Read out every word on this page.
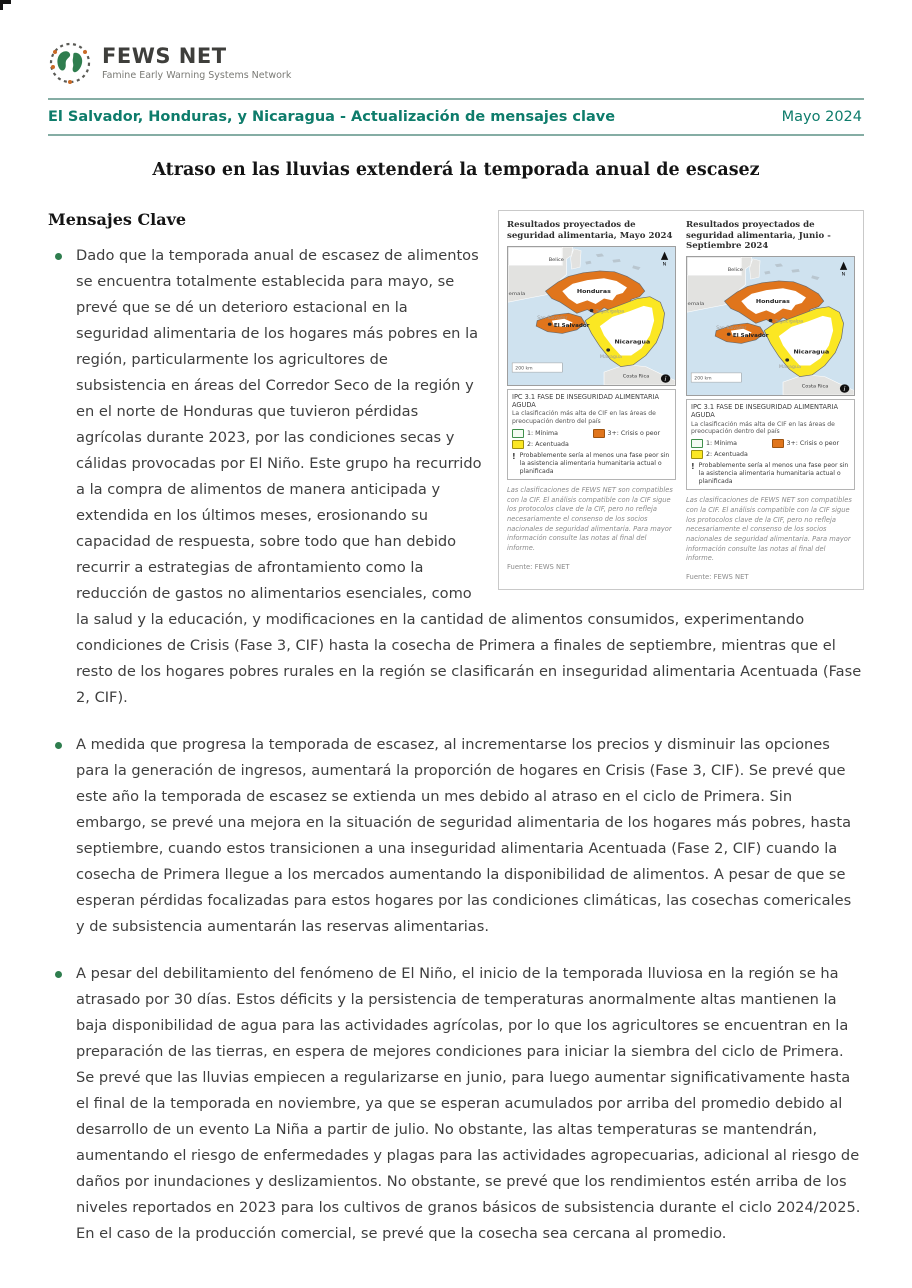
FEWS NET
Famine Early Warning Systems Network
El Salvador, Honduras, y Nicaragua - Actualización de mensajes clave	Mayo 2024
Atraso en las lluvias extenderá la temporada anual de escasez
Resultados proyectados de seguridad alimentaria, Mayo 2024
Belice
emala	Honduras
Tegucigalpa
San Salvador
El Salvador
Nicaragua
Managua
Costa Rica
N
200 km
i
IPC 3.1 FASE DE INSEGURIDAD ALIMENTARIA AGUDA
La clasificación más alta de CIF en las áreas de preocupación dentro del país
1: Mínima	3+: Crisis o peor
2: Acentuada
! Probablemente sería al menos una fase peor sin la asistencia alimentaria humanitaria actual o planificada
Las clasificaciones de FEWS NET son compatibles con la CIF. El análisis compatible con la CIF sigue los protocolos clave de la CIF, pero no refleja necesariamente el consenso de los socios nacionales de seguridad alimentaria. Para mayor información consulte las notas al final del informe.
Fuente: FEWS NET
Resultados proyectados de seguridad alimentaria, Junio - Septiembre 2024
IPC 3.1 FASE DE INSEGURIDAD ALIMENTARIA AGUDA
La clasificación más alta de CIF en las áreas de preocupación dentro del país
1: Mínima	3+: Crisis o peor
2: Acentuada
! Probablemente sería al menos una fase peor sin la asistencia alimentaria humanitaria actual o planificada
Las clasificaciones de FEWS NET son compatibles con la CIF. El análisis compatible con la CIF sigue los protocolos clave de la CIF, pero no refleja necesariamente el consenso de los socios nacionales de seguridad alimentaria. Para mayor información consulte las notas al final del informe.
Fuente: FEWS NET
Mensajes Clave
Dado que la temporada anual de escasez de alimentos se encuentra totalmente establecida para mayo, se prevé que se dé un deterioro estacional en la seguridad alimentaria de los hogares más pobres en la región, particularmente los agricultores de subsistencia en áreas del Corredor Seco de la región y en el norte de Honduras que tuvieron pérdidas agrícolas durante 2023, por las condiciones secas y cálidas provocadas por El Niño. Este grupo ha recurrido a la compra de alimentos de manera anticipada y extendida en los últimos meses, erosionando su capacidad de respuesta, sobre todo que han debido recurrir a estrategias de afrontamiento como la reducción de gastos no alimentarios esenciales, como la salud y la educación, y modificaciones en la cantidad de alimentos consumidos, experimentando condiciones de Crisis (Fase 3, CIF) hasta la cosecha de Primera a finales de septiembre, mientras que el resto de los hogares pobres rurales en la región se clasificarán en inseguridad alimentaria Acentuada (Fase 2, CIF).
A medida que progresa la temporada de escasez, al incrementarse los precios y disminuir las opciones para la generación de ingresos, aumentará la proporción de hogares en Crisis (Fase 3, CIF). Se prevé que este año la temporada de escasez se extienda un mes debido al atraso en el ciclo de Primera. Sin embargo, se prevé una mejora en la situación de seguridad alimentaria de los hogares más pobres, hasta septiembre, cuando estos transicionen a una inseguridad alimentaria Acentuada (Fase 2, CIF) cuando la cosecha de Primera llegue a los mercados aumentando la disponibilidad de alimentos. A pesar de que se esperan pérdidas focalizadas para estos hogares por las condiciones climáticas, las cosechas comericales y de subsistencia aumentarán las reservas alimentarias.
A pesar del debilitamiento del fenómeno de El Niño, el inicio de la temporada lluviosa en la región se ha atrasado por 30 días. Estos déficits y la persistencia de temperaturas anormalmente altas mantienen la baja disponibilidad de agua para las actividades agrícolas, por lo que los agricultores se encuentran en la preparación de las tierras, en espera de mejores condiciones para iniciar la siembra del ciclo de Primera. Se prevé que las lluvias empiecen a regularizarse en junio, para luego aumentar significativamente hasta el final de la temporada en noviembre, ya que se esperan acumulados por arriba del promedio debido al desarrollo de un evento La Niña a partir de julio. No obstante, las altas temperaturas se mantendrán, aumentando el riesgo de enfermedades y plagas para las actividades agropecuarias, adicional al riesgo de daños por inundaciones y deslizamientos. No obstante, se prevé que los rendimientos estén arriba de los niveles reportados en 2023 para los cultivos de granos básicos de subsistencia durante el ciclo 2024/2025. En el caso de la producción comercial, se prevé que la cosecha sea cercana al promedio.
